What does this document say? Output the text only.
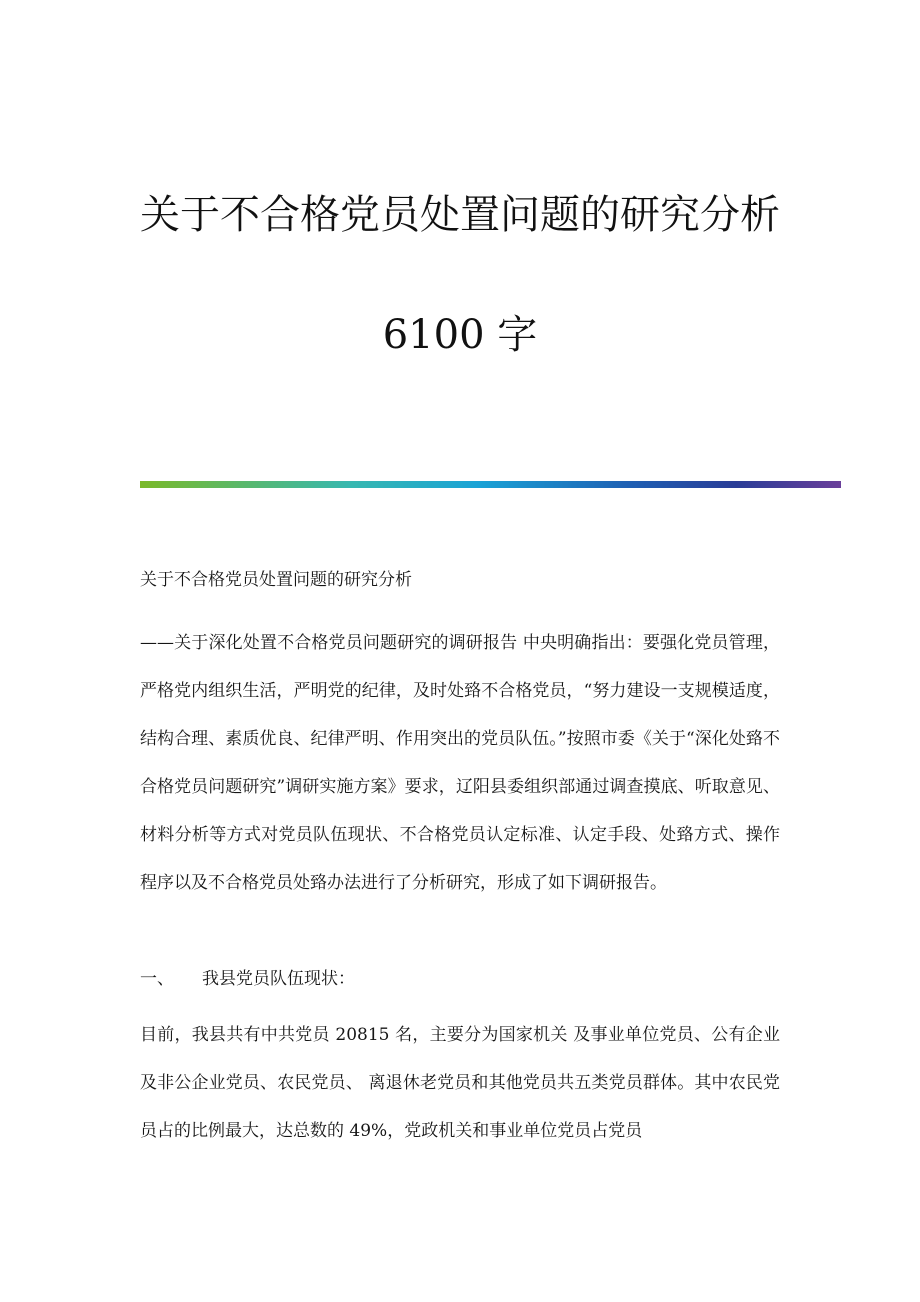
关于不合格党员处置问题的研究分析
6100 字
关于不合格党员处置问题的研究分析
——关于深化处置不合格党员问题研究的调研报告 中央明确指出：要强化党员管理，严格党内组织生活，严明党的纪律，及时处臵不合格党员，“努力建设一支规模适度，结构合理、素质优良、纪律严明、作用突出的党员队伍。”按照市委《关于“深化处臵不合格党员问题研究”调研实施方案》要求，辽阳县委组织部通过调查摸底、听取意见、材料分析等方式对党员队伍现状、不合格党员认定标准、认定手段、处臵方式、操作程序以及不合格党员处臵办法进行了分析研究，形成了如下调研报告。
一、 我县党员队伍现状：
目前，我县共有中共党员 20815 名，主要分为国家机关 及事业单位党员、公有企业及非公企业党员、农民党员、 离退休老党员和其他党员共五类党员群体。其中农民党员占的比例最大，达总数的 49%，党政机关和事业单位党员占党员
